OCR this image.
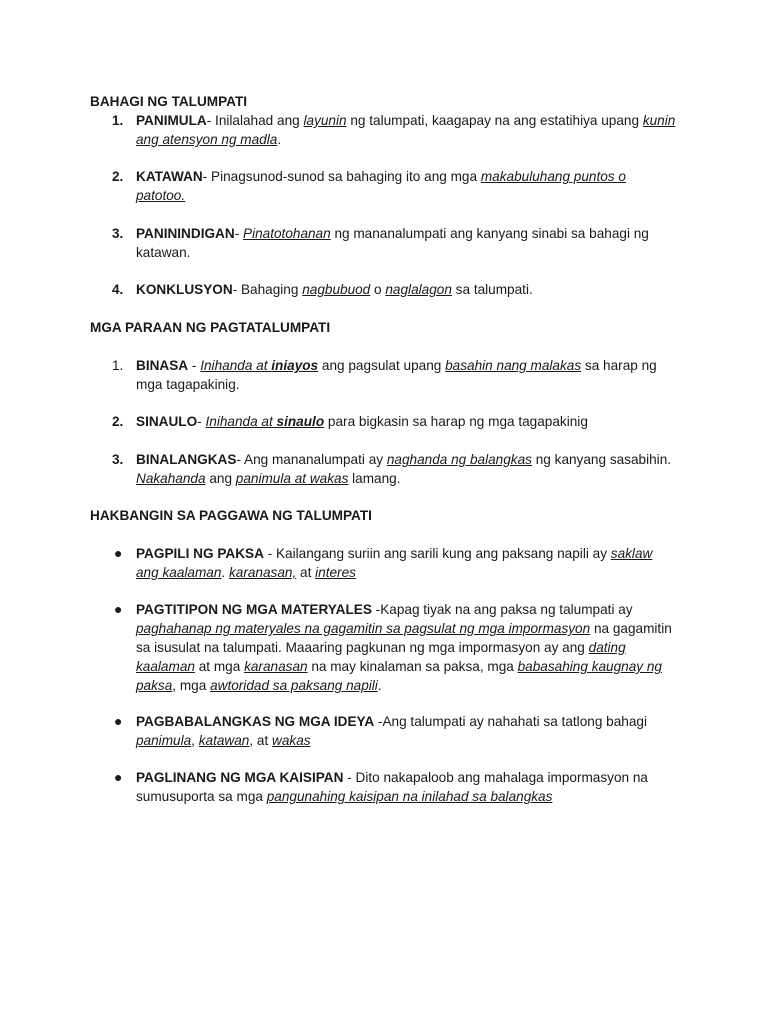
BAHAGI NG TALUMPATI

1. PANIMULA- Inilalahad ang layunin ng talumpati, kaagapay na ang estatihiya upang kunin ang atensyon ng madla.

2. KATAWAN- Pinagsunod-sunod sa bahaging ito ang mga makabuluhang puntos o patotoo.

3. PANININDIGAN- Pinatotohanan ng mananalumpati ang kanyang sinabi sa bahagi ng katawan.

4. KONKLUSYON- Bahaging nagbubuod o naglalagon sa talumpati.

MGA PARAAN NG PAGTATALUMPATI

1. BINASA - Inihanda at iniayos ang pagsulat upang basahin nang malakas sa harap ng mga tagapakinig.

2. SINAULO- Inihanda at sinaulo para bigkasin sa harap ng mga tagapakinig

3. BINALANGKAS- Ang mananalumpati ay naghanda ng balangkas ng kanyang sasabihin. Nakahanda ang panimula at wakas lamang.

HAKBANGIN SA PAGGAWA NG TALUMPATI

● PAGPILI NG PAKSA - Kailangang suriin ang sarili kung ang paksang napili ay saklaw ang kaalaman. karanasan, at interes

● PAGTITIPON NG MGA MATERYALES -Kapag tiyak na ang paksa ng talumpati ay paghahanap ng materyales na gagamitin sa pagsulat ng mga impormasyon na gagamitin sa isusulat na talumpati. Maaaring pagkunan ng mga impormasyon ay ang dating kaalaman at mga karanasan na may kinalaman sa paksa, mga babasahing kaugnay ng paksa, mga awtoridad sa paksang napili.

● PAGBABALANGKAS NG MGA IDEYA -Ang talumpati ay nahahati sa tatlong bahagi panimula, katawan, at wakas

● PAGLINANG NG MGA KAISIPAN - Dito nakapaloob ang mahalaga impormasyon na sumusuporta sa mga pangunahing kaisipan na inilahad sa balangkas
